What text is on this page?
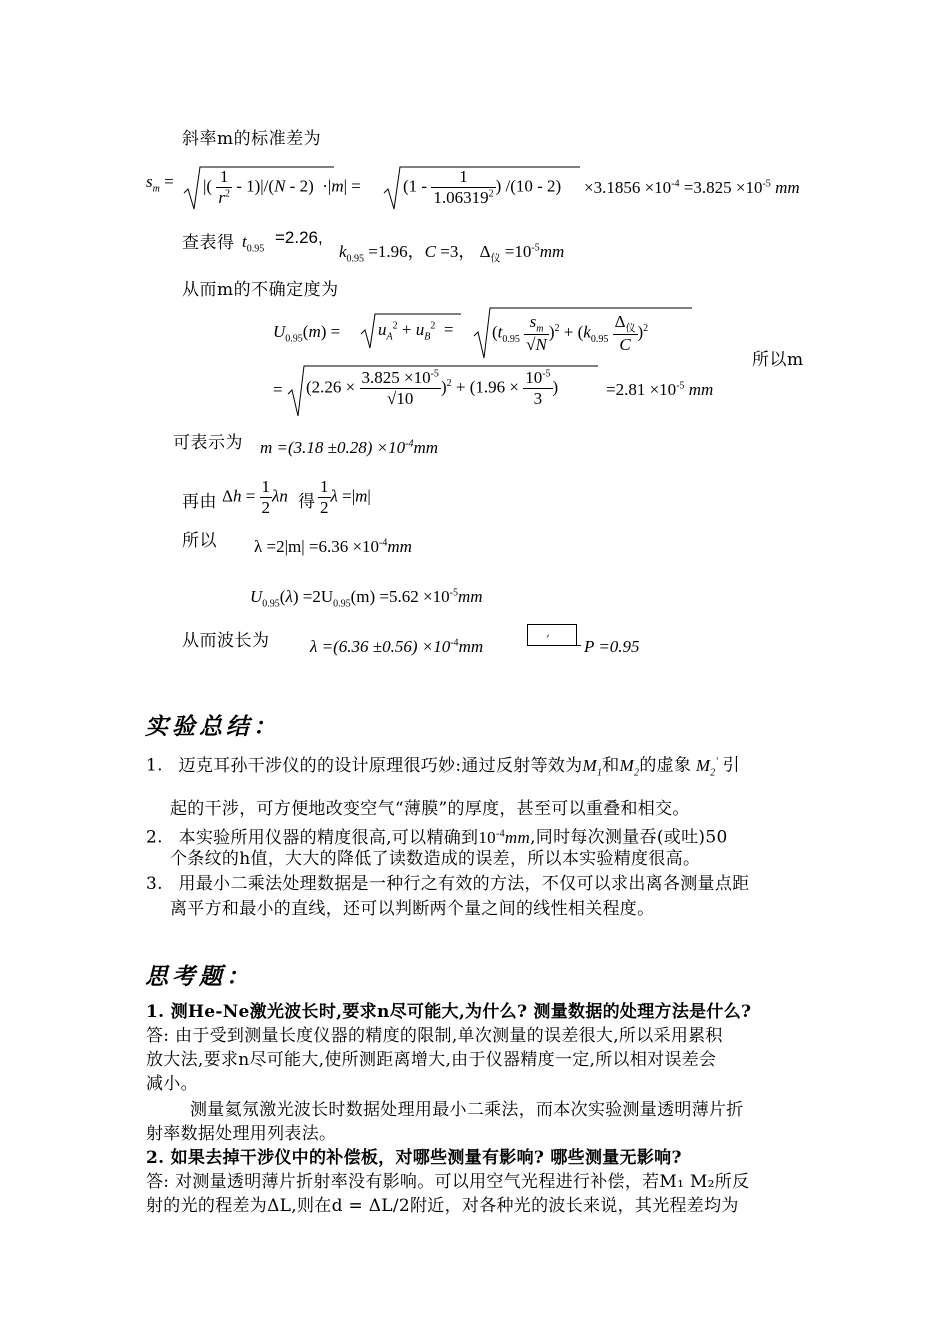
斜率m的标准差为
$s_m$ = |( $\frac{1}{r^2} - 1)|/(N - 2) \cdot|m| = (1 - \frac{1}{1.06319^2}$ ) $/(10 - 2) \times 3.1856 \times 10^{-4} =3.825 \times 10^{-5}$ mm
查表得 $t_{0.95}$
=2.26,
$k_{0.95} =1.96$，C =3， $\Delta_仪 =10^{-5}mm$
从而m的不确定度为
$U_{0.95}(m) = u_A^2 + u_B^2 = (t_{0.95} \frac{s_m}{√N} )^2 + (k_{0.95} \frac{\Delta_仪}{C} )^2$
所以m
= $(2.26 \times \frac{3.825 \times 10^{-5}}{√10} )^2 + (1.96 \times \frac{10^{-5}}{3}$ )	$=2.81 \times 10^{-5}$ mm
可表示为 $m =(3.18 \pm 0.28) \times 10^{-4}mm$
再由 $\Delta h = \frac{1}{2}$ λn 得 $\frac{1}{2}$ λ =|m|
所以 $\lambda =2|m| =6.36 \times 10^{-4}mm$
$U_{0.95}(\lambda) =2U_{0.95}(m) =5.62 \times 10^{-5}mm$
从而波长为 $\lambda =(6.36 \pm 0.56) \times 10^{-4}mm$
,
P =0.95
实验总结：
1. 迈克耳孙干涉仪的的设计原理很巧妙:通过反射等效为$M_1$和$M_2$的虚象 $M_2'$ 引
起的干涉，可方便地改变空气“薄膜”的厚度，甚至可以重叠和相交。
2. 本实验所用仪器的精度很高,可以精确到$10^{-4}mm$,同时每次测量吞(或吐)50
个条纹的h值，大大的降低了读数造成的误差，所以本实验精度很高。
3. 用最小二乘法处理数据是一种行之有效的方法，不仅可以求出离各测量点距
离平方和最小的直线，还可以判断两个量之间的线性相关程度。
思考题：
1. 测He-Ne激光波长时,要求n尽可能大,为什么? 测量数据的处理方法是什么?
答: 由于受到测量长度仪器的精度的限制,单次测量的误差很大,所以采用累积
放大法,要求n尽可能大,使所测距离增大,由于仪器精度一定,所以相对误差会
减小。
测量氦氖激光波长时数据处理用最小二乘法，而本次实验测量透明薄片折
射率数据处理用列表法。
2. 如果去掉干涉仪中的补偿板，对哪些测量有影响? 哪些测量无影响?
答: 对测量透明薄片折射率没有影响。可以用空气光程进行补偿，若M₁ M₂所反
射的光的程差为ΔL,则在d = ΔL/2附近，对各种光的波长来说，其光程差均为
